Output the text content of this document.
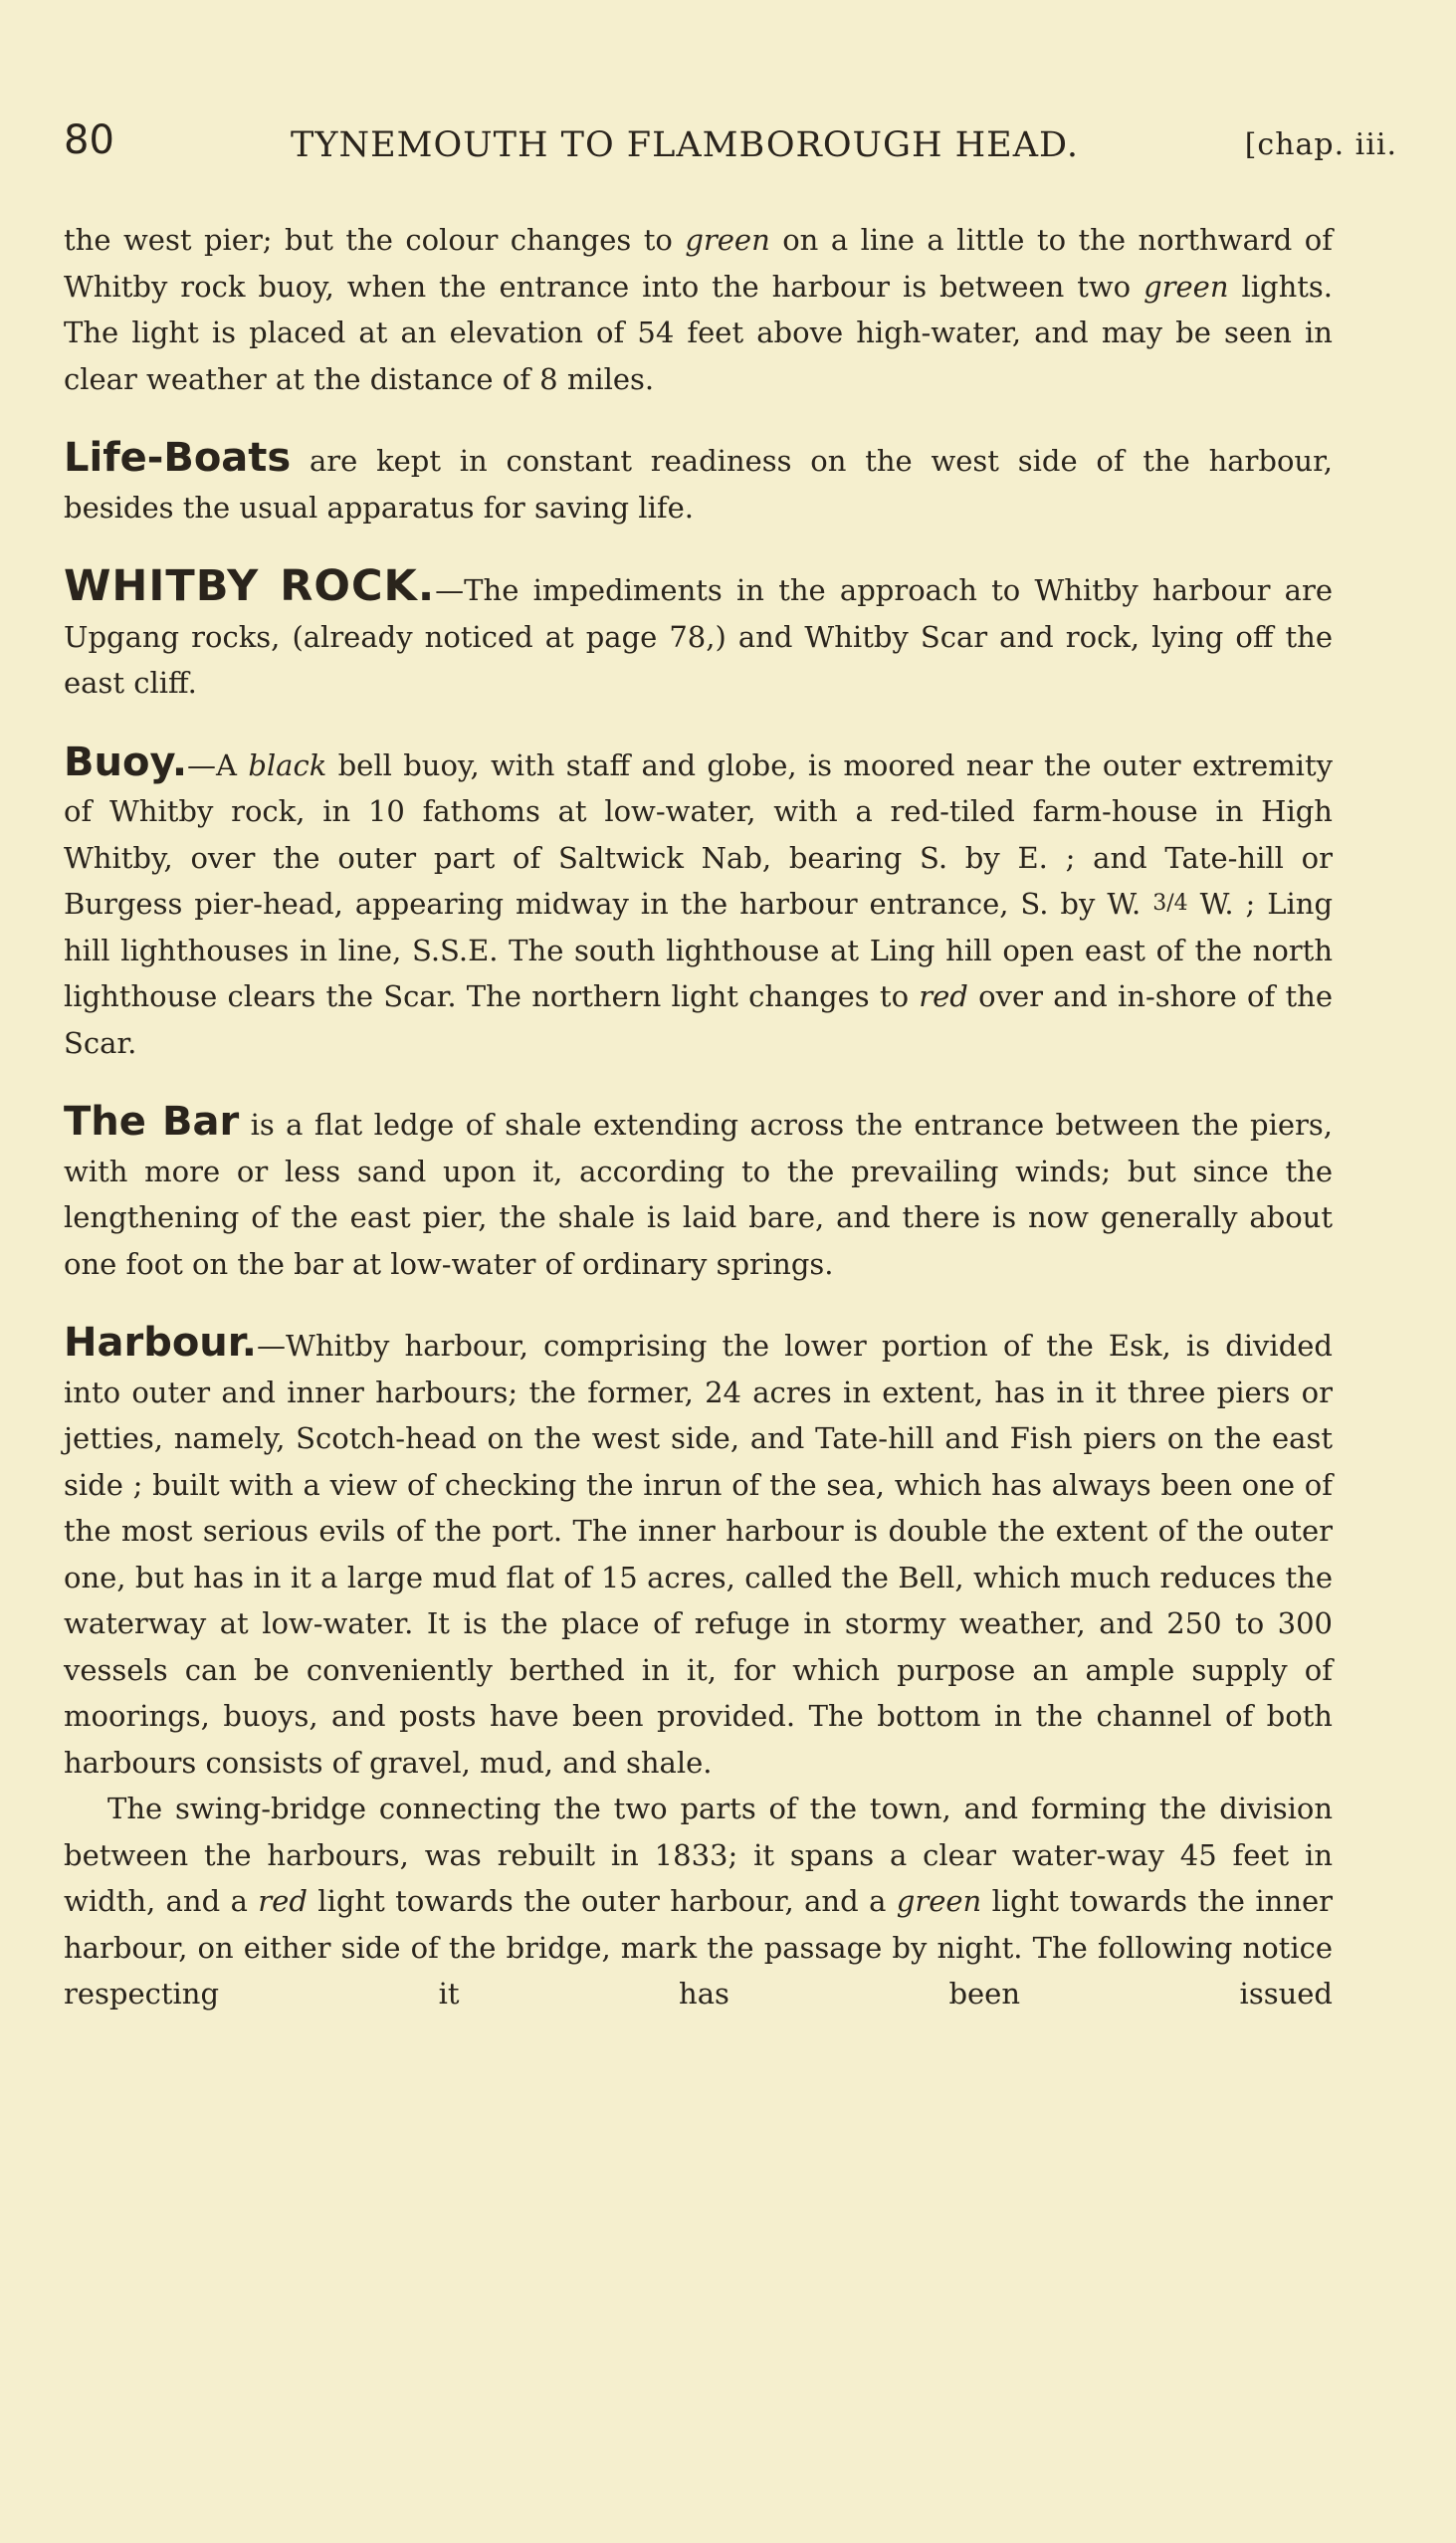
80	TYNEMOUTH TO FLAMBOROUGH HEAD.	[chap. iii.

the west pier; but the colour changes to green on a line a little to the northward of Whitby rock buoy, when the entrance into the harbour is between two green lights. The light is placed at an elevation of 54 feet above high-water, and may be seen in clear weather at the distance of 8 miles.

Life-Boats are kept in constant readiness on the west side of the harbour, besides the usual apparatus for saving life.

WHITBY ROCK.—The impediments in the approach to Whitby harbour are Upgang rocks, (already noticed at page 78,) and Whitby Scar and rock, lying off the east cliff.

Buoy.—A black bell buoy, with staff and globe, is moored near the outer extremity of Whitby rock, in 10 fathoms at low-water, with a red-tiled farm-house in High Whitby, over the outer part of Saltwick Nab, bearing S. by E. ; and Tate-hill or Burgess pier-head, appearing midway in the harbour entrance, S. by W. 3/4 W. ; Ling hill lighthouses in line, S.S.E. The south lighthouse at Ling hill open east of the north lighthouse clears the Scar. The northern light changes to red over and in-shore of the Scar.

The Bar is a flat ledge of shale extending across the entrance between the piers, with more or less sand upon it, according to the prevailing winds; but since the lengthening of the east pier, the shale is laid bare, and there is now generally about one foot on the bar at low-water of ordinary springs.

Harbour.—Whitby harbour, comprising the lower portion of the Esk, is divided into outer and inner harbours; the former, 24 acres in extent, has in it three piers or jetties, namely, Scotch-head on the west side, and Tate-hill and Fish piers on the east side ; built with a view of checking the inrun of the sea, which has always been one of the most serious evils of the port. The inner harbour is double the extent of the outer one, but has in it a large mud flat of 15 acres, called the Bell, which much reduces the waterway at low-water. It is the place of refuge in stormy weather, and 250 to 300 vessels can be conveniently berthed in it, for which purpose an ample supply of moorings, buoys, and posts have been provided. The bottom in the channel of both harbours consists of gravel, mud, and shale.

The swing-bridge connecting the two parts of the town, and forming the division between the harbours, was rebuilt in 1833; it spans a clear water-way 45 feet in width, and a red light towards the outer harbour, and a green light towards the inner harbour, on either side of the bridge, mark the passage by night. The following notice respecting it has been issued
